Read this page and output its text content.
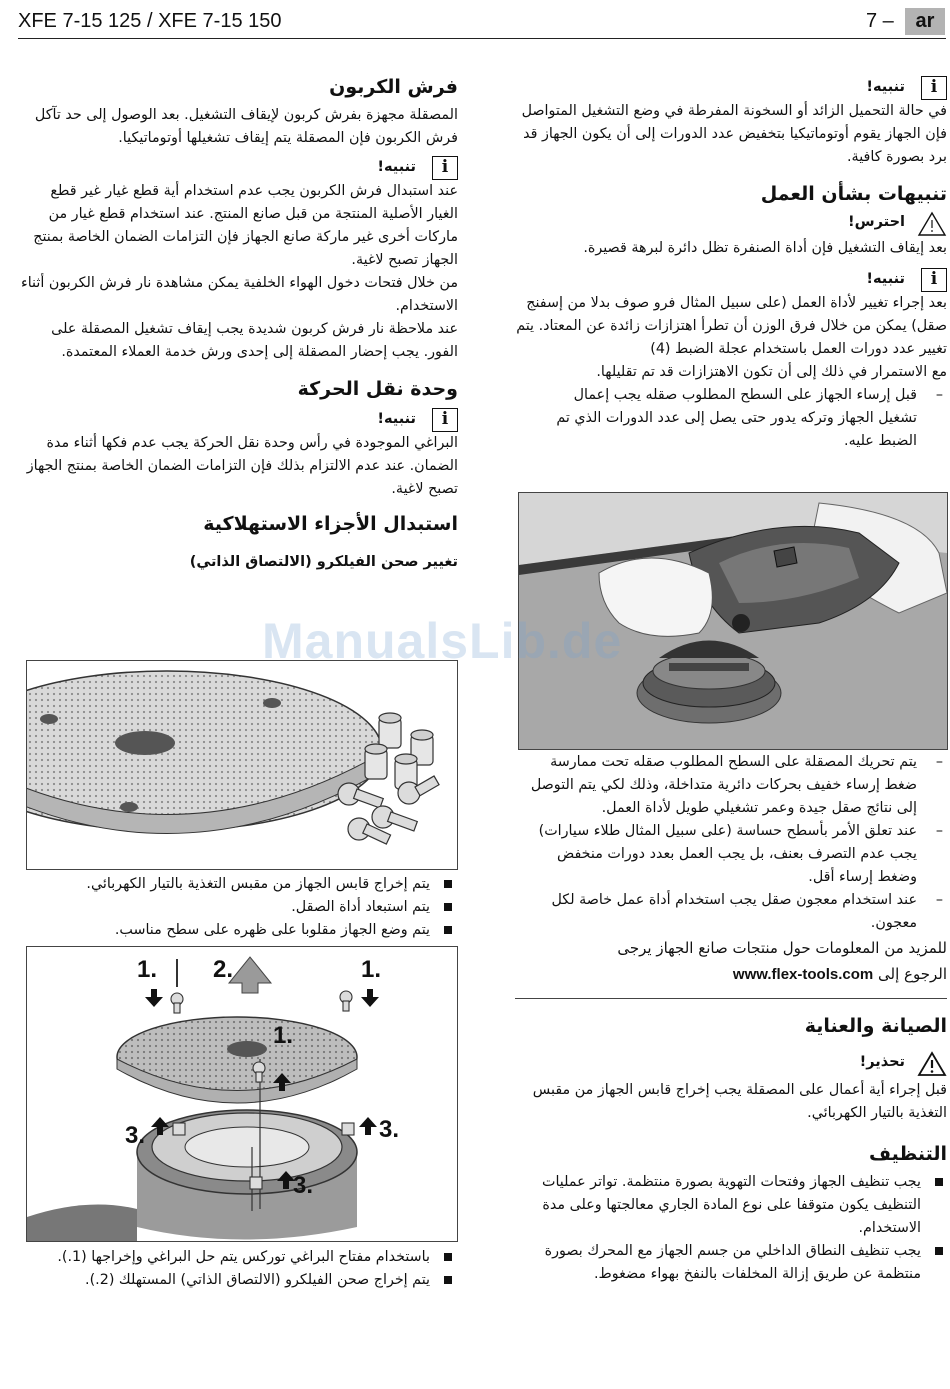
XFE 7-15 125 / XFE 7-15 150	7 –	ar
فرش الكربون

المصقلة مجهزة بفرش كربون لإيقاف التشغيل. بعد الوصول إلى حد تآكل فرش الكربون فإن المصقلة يتم إيقاف تشغيلها أوتوماتيكيا.

i
تنبيه!

عند استبدال فرش الكربون يجب عدم استخدام أية قطع غيار غير قطع الغيار الأصلية المنتجة من قبل صانع المنتج. عند استخدام قطع غيار من ماركات أخرى غير ماركة صانع الجهاز فإن التزامات الضمان الخاصة بمنتج الجهاز تصبح لاغية.

من خلال فتحات دخول الهواء الخلفية يمكن مشاهدة نار فرش الكربون أثناء الاستخدام.

عند ملاحظة نار فرش كربون شديدة يجب إيقاف تشغيل المصقلة على الفور. يجب إحضار المصقلة إلى إحدى ورش خدمة العملاء المعتمدة.

وحدة نقل الحركة
i
تنبيه!

البراغي الموجودة في رأس وحدة نقل الحركة يجب عدم فكها أثناء مدة الضمان. عند عدم الالتزام بذلك فإن التزامات الضمان الخاصة بمنتج الجهاز تصبح لاغية.

استبدال الأجزاء الاستهلاكية

تغيير صحن الفيلكرو (الالتصاق الذاتي)

يتم إخراج قابس الجهاز من مقبس التغذية بالتيار الكهربائي.
يتم استبعاد أداة الصقل.
يتم وضع الجهاز مقلوبا على ظهره على سطح مناسب.
1. 2.	1.
1.
3.	3.
3.
باستخدام مفتاح البراغي توركس يتم حل البراغي وإخراجها (1.).
يتم إخراج صحن الفيلكرو (الالتصاق الذاتي) المستهلك (2.).
i
تنبيه!

في حالة التحميل الزائد أو السخونة المفرطة في وضع التشغيل المتواصل فإن الجهاز يقوم أوتوماتيكيا بتخفيض عدد الدورات إلى أن يكون الجهاز قد برد بصورة كافية.

تنبيهات بشأن العمل
احترس!

بعد إيقاف التشغيل فإن أداة الصنفرة تظل دائرة لبرهة قصيرة.

i
تنبيه!

بعد إجراء تغيير لأداة العمل (على سبيل المثال فرو صوف بدلا من إسفنج صقل) يمكن من خلال فرق الوزن أن تطرأ اهتزازات زائدة عن المعتاد. يتم تغيير عدد دورات العمل باستخدام عجلة الضبط (4)

مع الاستمرار في ذلك إلى أن تكون الاهتزازات قد تم تقليلها.

– قبل إرساء الجهاز على السطح المطلوب صقله يجب إعمال تشغيل الجهاز وتركه يدور حتى يصل إلى عدد الدورات الذي تم الضبط عليه.
– يتم تحريك المصقلة على السطح المطلوب صقله تحت ممارسة ضغط إرساء خفيف بحركات دائرية متداخلة، وذلك لكي يتم التوصل إلى نتائج صقل جيدة وعمر تشغيلي طويل لأداة العمل.
– عند تعلق الأمر بأسطح حساسة (على سبيل المثال طلاء سيارات) يجب عدم التصرف بعنف، بل يجب العمل بعدد دورات منخفض وضغط إرساء أقل.
– عند استخدام معجون صقل يجب استخدام أداة عمل خاصة لكل معجون.

للمزيد من المعلومات حول منتجات صانع الجهاز يرجى

الرجوع إلى www.flex-tools.com

الصيانة والعناية
تحذير!

قبل إجراء أية أعمال على المصقلة يجب إخراج قابس الجهاز من مقبس التغذية بالتيار الكهربائي.

التنظيف
يجب تنظيف الجهاز وفتحات التهوية بصورة منتظمة. تواتر عمليات التنظيف يكون متوقفا على نوع المادة الجاري معالجتها وعلى مدة الاستخدام.
يجب تنظيف النطاق الداخلي من جسم الجهاز مع المحرك بصورة منتظمة عن طريق إزالة المخلفات بالنفخ بهواء مضغوط.
ManualsLib.de
